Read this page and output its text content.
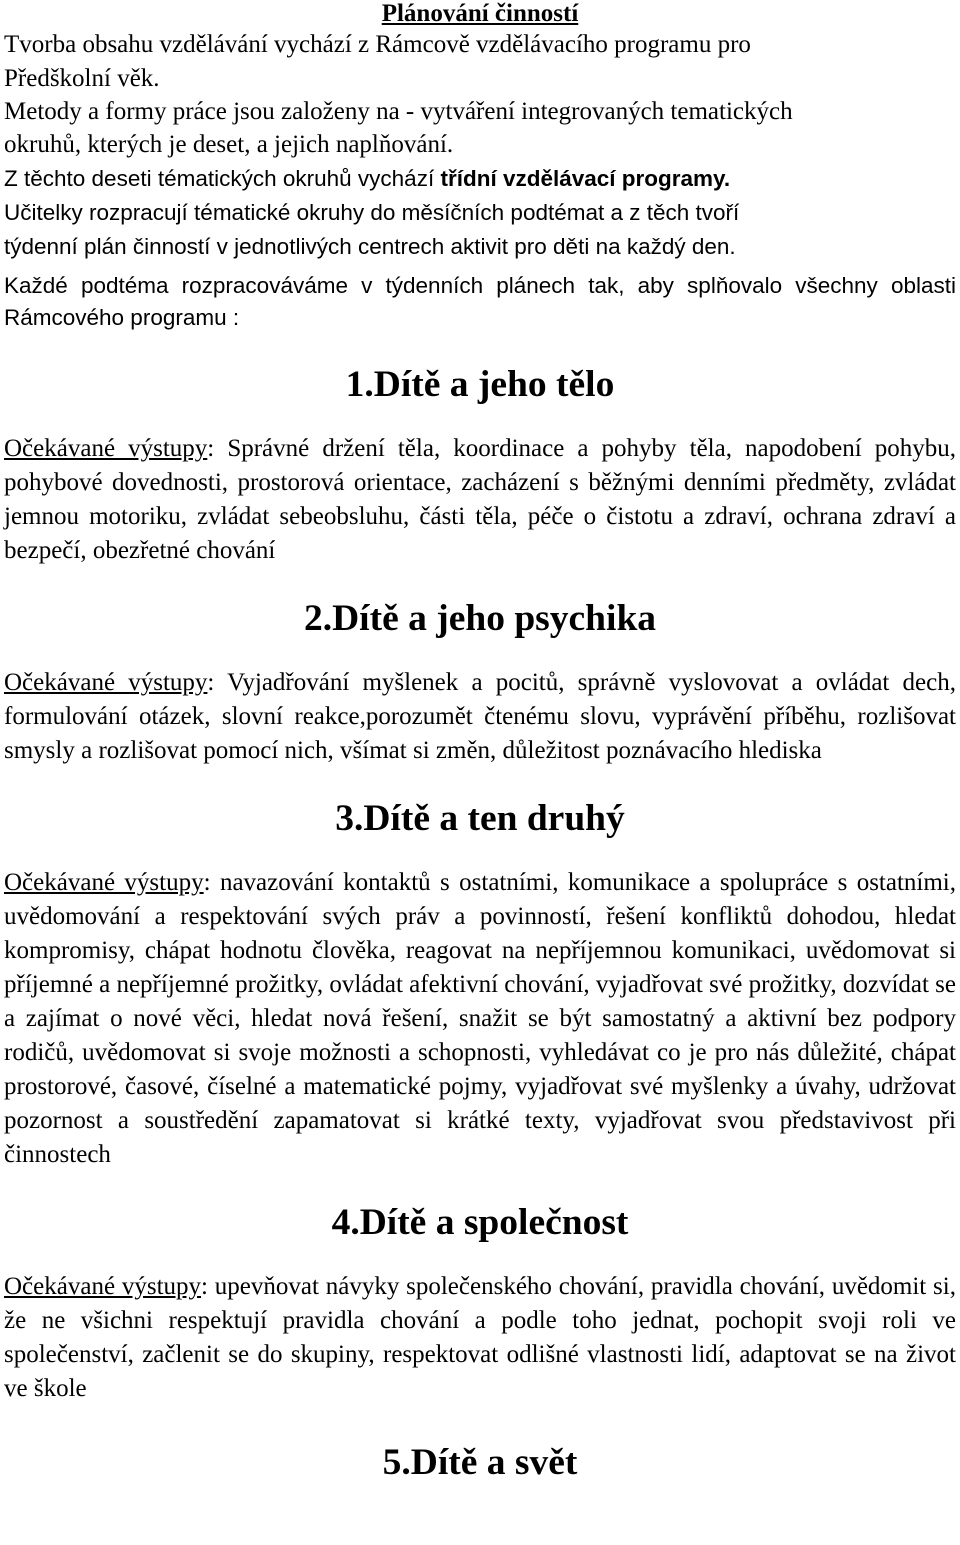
Plánování činností
Tvorba obsahu vzdělávání vychází z Rámcově vzdělávacího programu pro
Předškolní věk.
Metody a formy práce jsou založeny na - vytváření integrovaných tematických
okruhů, kterých je deset, a jejich naplňování.
Z těchto deseti tématických okruhů vychází třídní vzdělávací programy.
Učitelky rozpracují tématické okruhy do měsíčních podtémat a z těch tvoří
týdenní plán činností v jednotlivých centrech aktivit pro děti na každý den.

Každé podtéma rozpracováváme v týdenních plánech tak, aby splňovalo všechny oblasti Rámcového programu :

1.Dítě a jeho tělo

Očekávané výstupy: Správné držení těla, koordinace a pohyby těla, napodobení pohybu, pohybové dovednosti, prostorová orientace, zacházení s běžnými denními předměty, zvládat jemnou motoriku, zvládat sebeobsluhu, části těla, péče o čistotu a zdraví, ochrana zdraví a bezpečí, obezřetné chování

2.Dítě a jeho psychika

Očekávané výstupy: Vyjadřování myšlenek a pocitů, správně vyslovovat a ovládat dech, formulování otázek, slovní reakce,porozumět čtenému slovu, vyprávění příběhu, rozlišovat smysly a rozlišovat pomocí nich, všímat si změn, důležitost poznávacího hlediska

3.Dítě a ten druhý

Očekávané výstupy: navazování kontaktů s ostatními, komunikace a spolupráce s ostatními, uvědomování a respektování svých práv a povinností, řešení konfliktů dohodou, hledat kompromisy, chápat hodnotu člověka, reagovat na nepříjemnou komunikaci, uvědomovat si příjemné a nepříjemné prožitky, ovládat afektivní chování, vyjadřovat své prožitky, dozvídat se a zajímat o nové věci, hledat nová řešení, snažit se být samostatný a aktivní bez podpory rodičů, uvědomovat si svoje možnosti a schopnosti, vyhledávat co je pro nás důležité, chápat prostorové, časové, číselné a matematické pojmy, vyjadřovat své myšlenky a úvahy, udržovat pozornost a soustředění zapamatovat si krátké texty, vyjadřovat svou představivost při činnostech

4.Dítě a společnost

Očekávané výstupy: upevňovat návyky společenského chování, pravidla chování, uvědomit si, že ne všichni respektují pravidla chování a podle toho jednat, pochopit svoji roli ve společenství, začlenit se do skupiny, respektovat odlišné vlastnosti lidí, adaptovat se na život ve škole

5.Dítě a svět
